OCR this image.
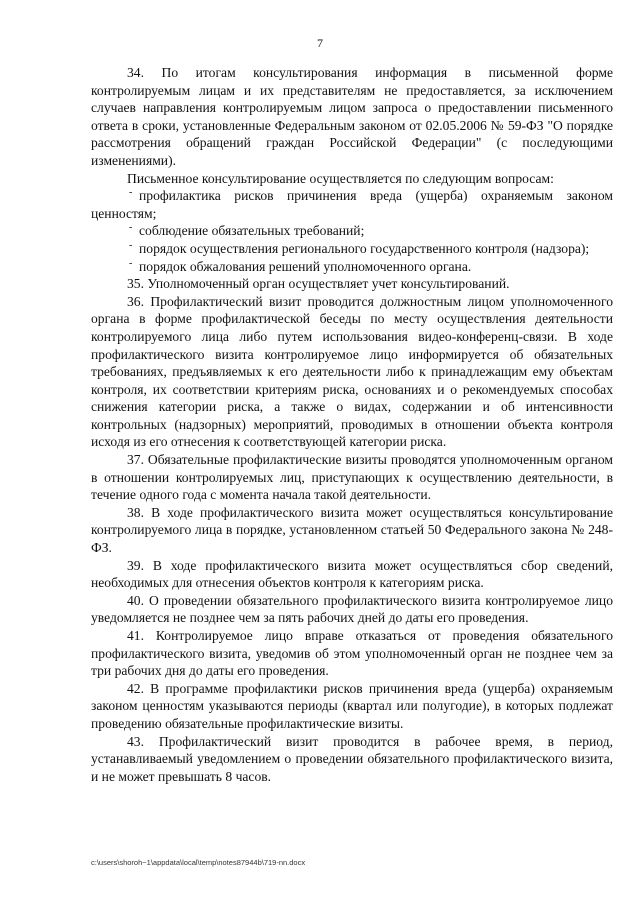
7

34. По итогам консультирования информация в письменной форме контролируемым лицам и их представителям не предоставляется, за исключением случаев направления контролируемым лицом запроса о предоставлении письменного ответа в сроки, установленные Федеральным законом от 02.05.2006 № 59-ФЗ "О порядке рассмотрения обращений граждан Российской Федерации" (с последующими изменениями).

Письменное консультирование осуществляется по следующим вопросам:

- профилактика рисков причинения вреда (ущерба) охраняемым законом ценностям;

- соблюдение обязательных требований;

- порядок осуществления регионального государственного контроля (надзора);

- порядок обжалования решений уполномоченного органа.

35. Уполномоченный орган осуществляет учет консультирований.

36. Профилактический визит проводится должностным лицом уполномоченного органа в форме профилактической беседы по месту осуществления деятельности контролируемого лица либо путем использования видео-конференц-связи. В ходе профилактического визита контролируемое лицо информируется об обязательных требованиях, предъявляемых к его деятельности либо к принадлежащим ему объектам контроля, их соответствии критериям риска, основаниях и о рекомендуемых способах снижения категории риска, а также о видах, содержании и об интенсивности контрольных (надзорных) мероприятий, проводимых в отношении объекта контроля исходя из его отнесения к соответствующей категории риска.

37. Обязательные профилактические визиты проводятся уполномоченным органом в отношении контролируемых лиц, приступающих к осуществлению деятельности, в течение одного года с момента начала такой деятельности.

38. В ходе профилактического визита может осуществляться консультирование контролируемого лица в порядке, установленном статьей 50 Федерального закона № 248-ФЗ.

39. В ходе профилактического визита может осуществляться сбор сведений, необходимых для отнесения объектов контроля к категориям риска.

40. О проведении обязательного профилактического визита контролируемое лицо уведомляется не позднее чем за пять рабочих дней до даты его проведения.

41. Контролируемое лицо вправе отказаться от проведения обязательного профилактического визита, уведомив об этом уполномоченный орган не позднее чем за три рабочих дня до даты его проведения.

42. В программе профилактики рисков причинения вреда (ущерба) охраняемым законом ценностям указываются периоды (квартал или полугодие), в которых подлежат проведению обязательные профилактические визиты.

43. Профилактический визит проводится в рабочее время, в период, устанавливаемый уведомлением о проведении обязательного профилактического визита, и не может превышать 8 часов.

c:\users\shoroh~1\appdata\local\temp\notes87944b\719-nn.docx
